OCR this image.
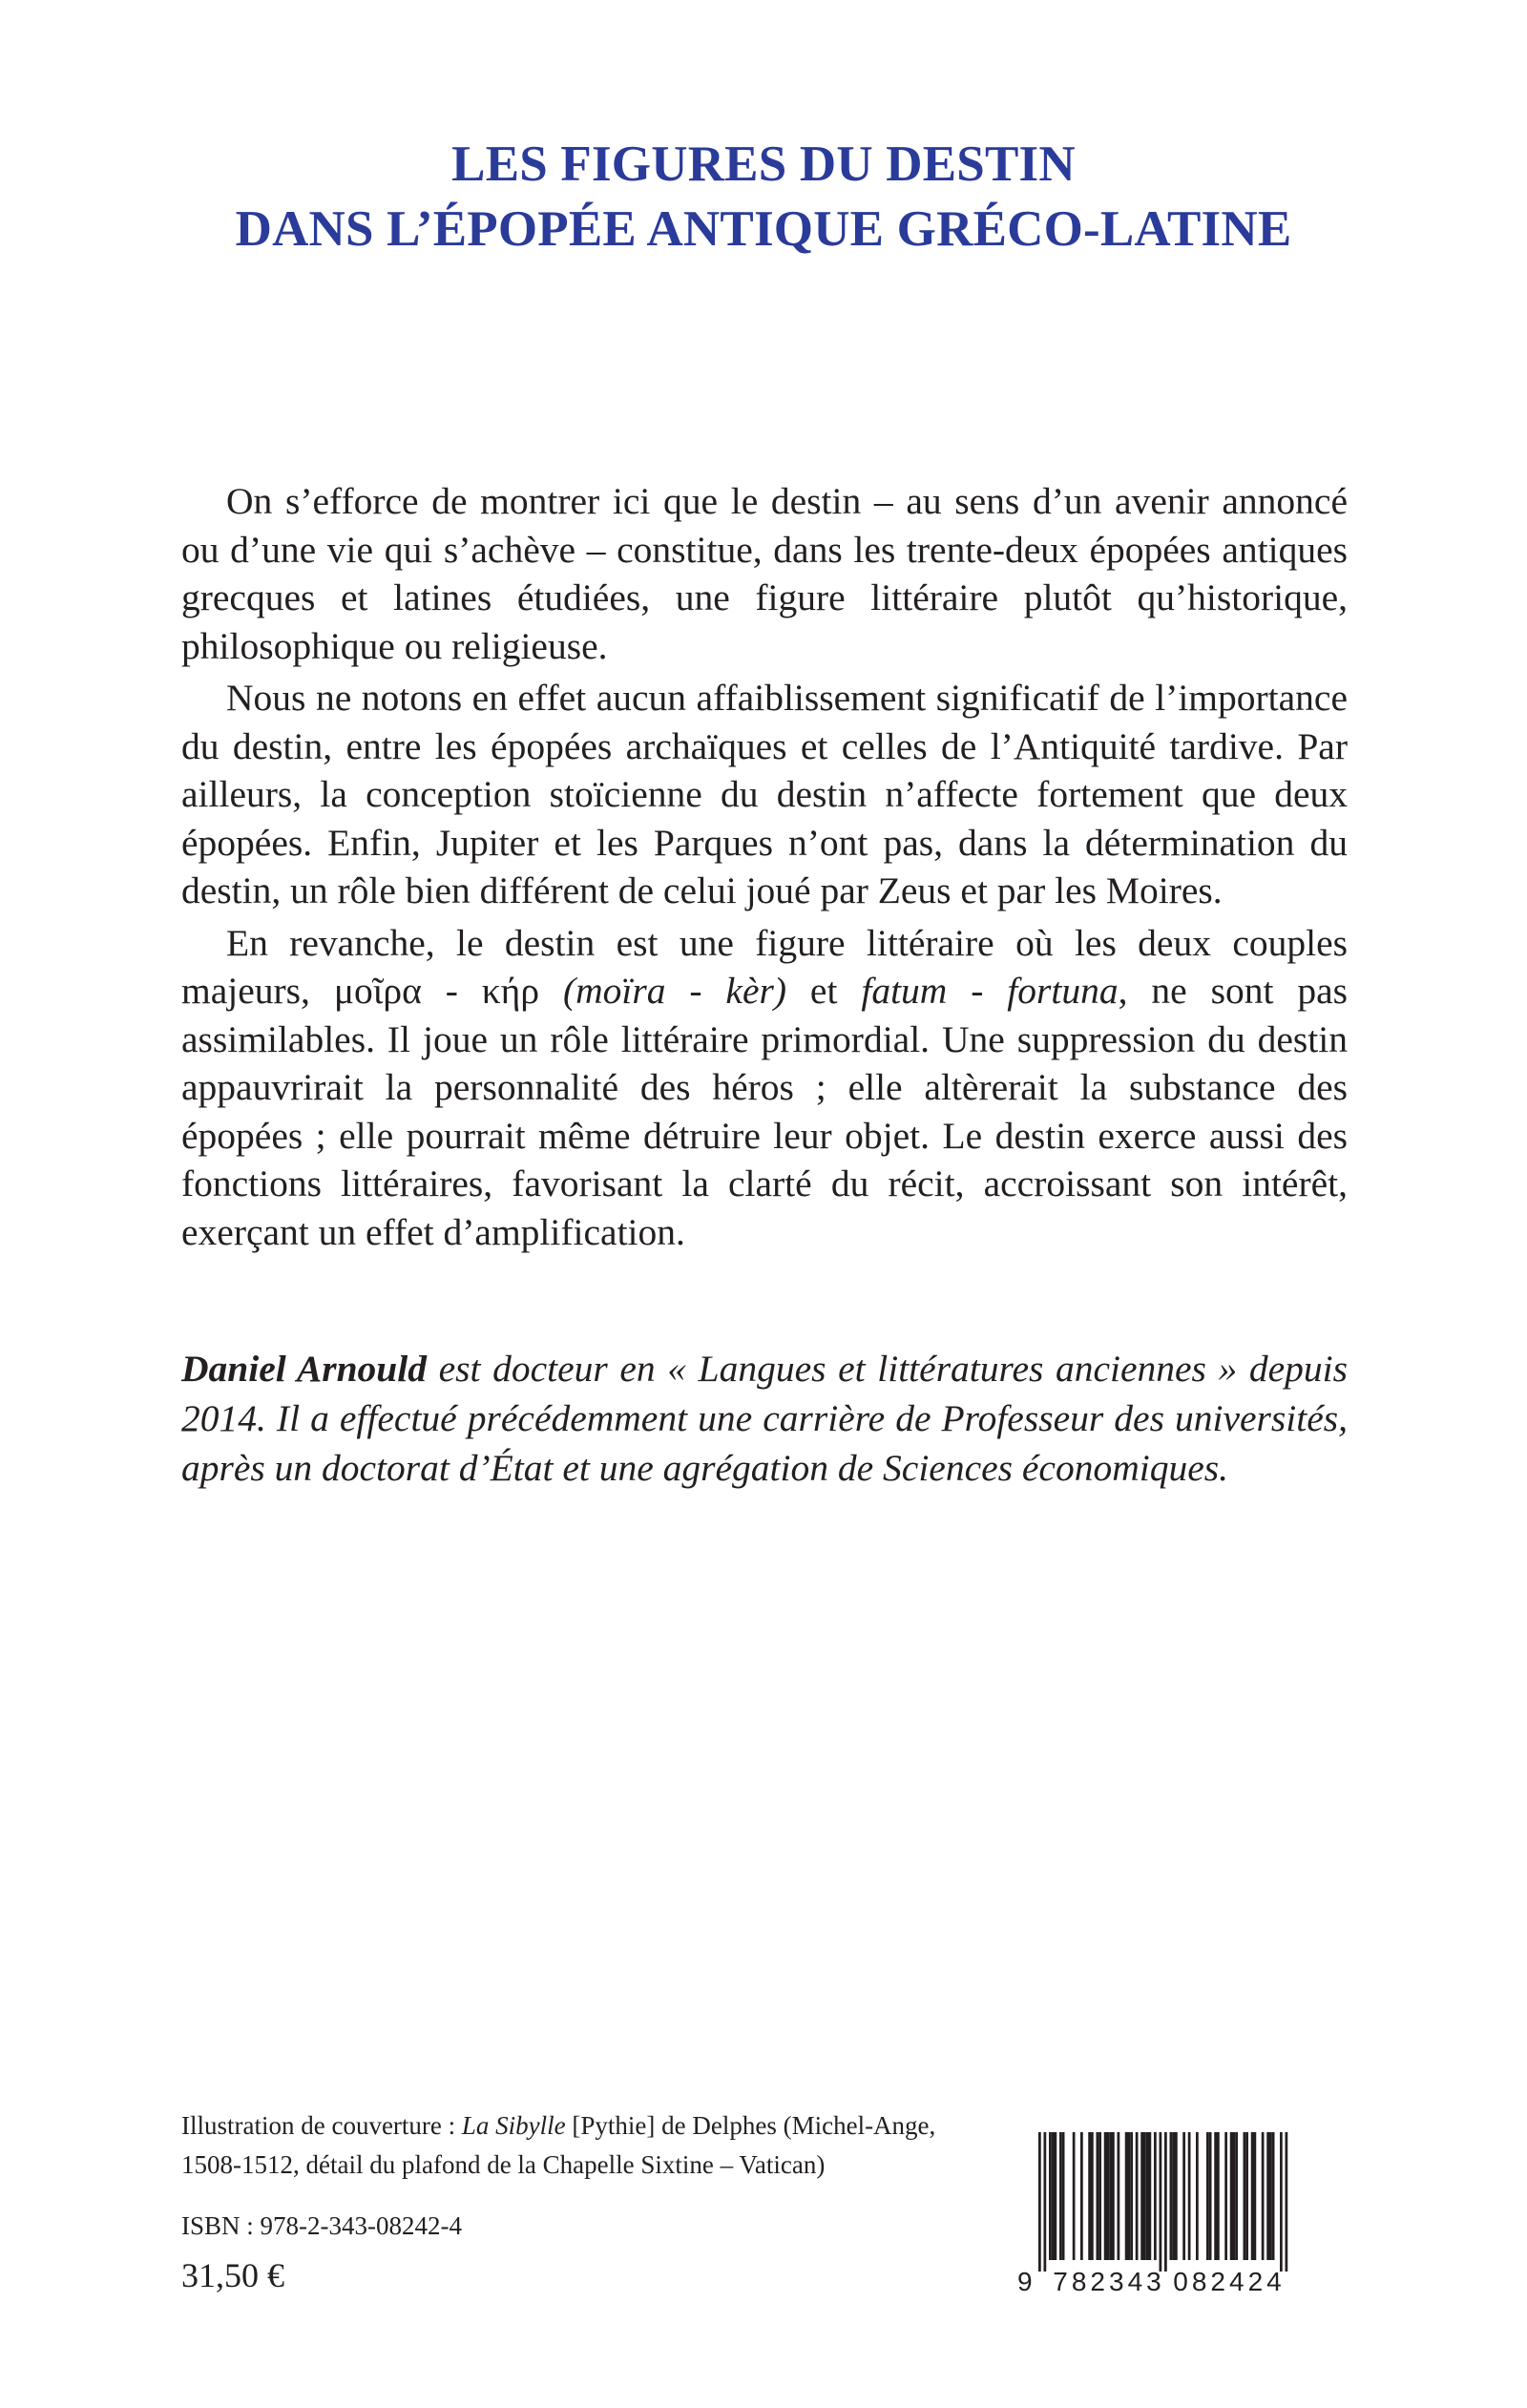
LES FIGURES DU DESTIN
DANS L’ÉPOPÉE ANTIQUE GRÉCO-LATINE

On s’efforce de montrer ici que le destin – au sens d’un avenir annoncé ou d’une vie qui s’achève – constitue, dans les trente-deux épopées antiques grecques et latines étudiées, une figure littéraire plutôt qu’historique, philosophique ou religieuse.

Nous ne notons en effet aucun affaiblissement significatif de l’importance du destin, entre les épopées archaïques et celles de l’Antiquité tardive. Par ailleurs, la conception stoïcienne du destin n’affecte fortement que deux épopées. Enfin, Jupiter et les Parques n’ont pas, dans la détermination du destin, un rôle bien différent de celui joué par Zeus et par les Moires.

En revanche, le destin est une figure littéraire où les deux couples majeurs, μοῖρα - κήρ (moïra - kèr) et fatum - fortuna, ne sont pas assimilables. Il joue un rôle littéraire primordial. Une suppression du destin appauvrirait la personnalité des héros ; elle altèrerait la substance des épopées ; elle pourrait même détruire leur objet. Le destin exerce aussi des fonctions littéraires, favorisant la clarté du récit, accroissant son intérêt, exerçant un effet d’amplification.

Daniel Arnould est docteur en « Langues et littératures anciennes » depuis 2014. Il a effectué précédemment une carrière de Professeur des universités, après un doctorat d’État et une agrégation de Sciences économiques.
Illustration de couverture : La Sibylle [Pythie] de Delphes (Michel-Ange, 1508-1512, détail du plafond de la Chapelle Sixtine – Vatican)
ISBN : 978-2-343-08242-4
31,50 €	9 782343 082424
